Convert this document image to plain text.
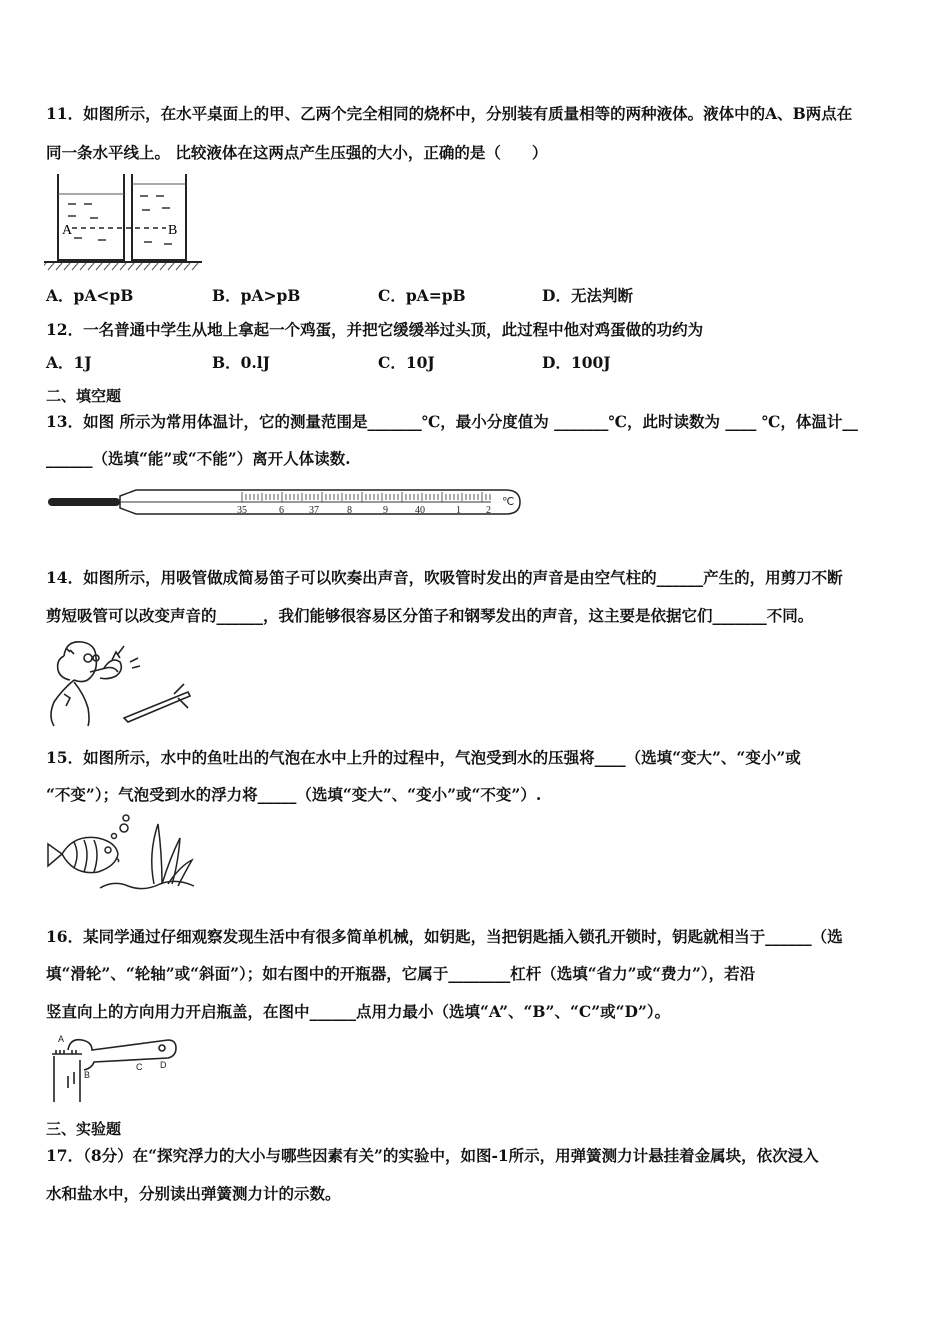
11．如图所示，在水平桌面上的甲、乙两个完全相同的烧杯中，分别装有质量相等的两种液体。液体中的A、B两点在
同一条水平线上。 比较液体在这两点产生压强的大小，正确的是（　　）
A	B
A．pA<pB	B．pA>pB	C．pA=pB	D．无法判断
12．一名普通中学生从地上拿起一个鸡蛋，并把它缓缓举过头顶，此过程中他对鸡蛋做的功约为
A．1J	B．0.lJ	C．10J	D．100J
二、填空题
13．如图 所示为常用体温计，它的测量范围是_______℃，最小分度值为 _______℃，此时读数为 ____ ℃，体温计__
______（选填“能”或“不能”）离开人体读数.
35	6	37	8	9	40	1	2
℃
14．如图所示，用吸管做成简易笛子可以吹奏出声音，吹吸管时发出的声音是由空气柱的______产生的，用剪刀不断
剪短吸管可以改变声音的______，我们能够很容易区分笛子和钢琴发出的声音，这主要是依据它们_______不同。
15．如图所示，水中的鱼吐出的气泡在水中上升的过程中，气泡受到水的压强将____（选填“变大”、“变小”或
“不变”）；气泡受到水的浮力将_____（选填“变大”、“变小”或“不变”）.
16．某同学通过仔细观察发现生活中有很多简单机械，如钥匙，当把钥匙插入锁孔开锁时，钥匙就相当于______（选
填“滑轮”、“轮轴”或“斜面”）；如右图中的开瓶器，它属于________杠杆（选填“省力”或“费力”），若沿
竖直向上的方向用力开启瓶盖，在图中______点用力最小（选填“A”、“B”、“C”或“D”）。
A
B
C D
三、实验题
17．（8分）在“探究浮力的大小与哪些因素有关”的实验中，如图-1所示，用弹簧测力计悬挂着金属块，依次浸入
水和盐水中，分别读出弹簧测力计的示数。
